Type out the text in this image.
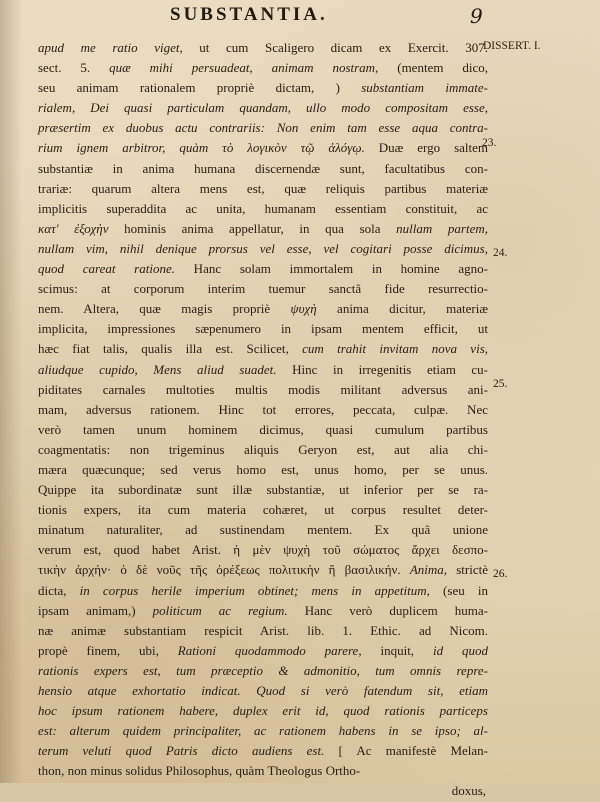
SUBSTANTIA.	9
DISSERT. I.
23.
24.
25.
26.
apud me ratio viget, ut cum Scaligero dicam ex Exercit. 307.
sect. 5. quæ mihi persuadeat, animam nostram, (mentem dico,
seu animam rationalem propriè dictam, ) substantiam immate-
rialem, Dei quasi particulam quandam, ullo modo compositam esse,
præsertim ex duobus actu contrariis: Non enim tam esse aqua contra-
rium ignem arbitror, quàm τὸ λογικὸν τῷ ἀλόγῳ. Duæ ergo saltem
substantiæ in anima humana discernendæ sunt, facultatibus con-
trariæ: quarum altera mens est, quæ reliquis partibus materiæ
implicitis superaddita ac unita, humanam essentiam constituit, ac
κατ' ἐξοχὴν hominis anima appellatur, in qua sola nullam partem,
nullam vim, nihil denique prorsus vel esse, vel cogitari posse dicimus,
quod careat ratione. Hanc solam immortalem in homine agno-
scimus: at corporum interim tuemur sanctâ fide resurrectio-
nem. Altera, quæ magis propriè ψυχὴ anima dicitur, materiæ
implicita, impressiones sæpenumero in ipsam mentem efficit, ut
hæc fiat talis, qualis illa est. Scilicet, cum trahit invitam nova vis,
aliudque cupido, Mens aliud suadet. Hinc in irregenitis etiam cu-
piditates carnales multoties multis modis militant adversus ani-
mam, adversus rationem. Hinc tot errores, peccata, culpæ. Nec
verò tamen unum hominem dicimus, quasi cumulum partibus
coagmentatis: non trigeminus aliquis Geryon est, aut alia chi-
mæra quæcunque; sed verus homo est, unus homo, per se unus.
Quippe ita subordinatæ sunt illæ substantiæ, ut inferior per se ra-
tionis expers, ita cum materia cohæret, ut corpus resultet deter-
minatum naturaliter, ad sustinendam mentem. Ex quâ unione
verum est, quod habet Arist. ἡ μὲν ψυχὴ τοῦ σώματος ἄρχει δεσπο-
τικὴν ἀρχήν· ὁ δὲ νοῦς τῆς ὀρέξεως πολιτικὴν ἢ βασιλικήν. Anima, strictè
dicta, in corpus herile imperium obtinet; mens in appetitum, (seu in
ipsam animam,) politicum ac regium. Hanc verò duplicem huma-
næ animæ substantiam respicit Arist. lib. 1. Ethic. ad Nicom.
propè finem, ubi, Rationi quodammodo parere, inquit, id quod
rationis expers est, tum præceptio & admonitio, tum omnis repre-
hensio atque exhortatio indicat. Quod si verò fatendum sit, etiam
hoc ipsum rationem habere, duplex erit id, quod rationis particeps
est: alterum quidem principaliter, ac rationem habens in se ipso; al-
terum veluti quod Patris dicto audiens est. [ Ac manifestè Melan-
thon, non minus solidus Philosophus, quàm Theologus Ortho-
doxus,
